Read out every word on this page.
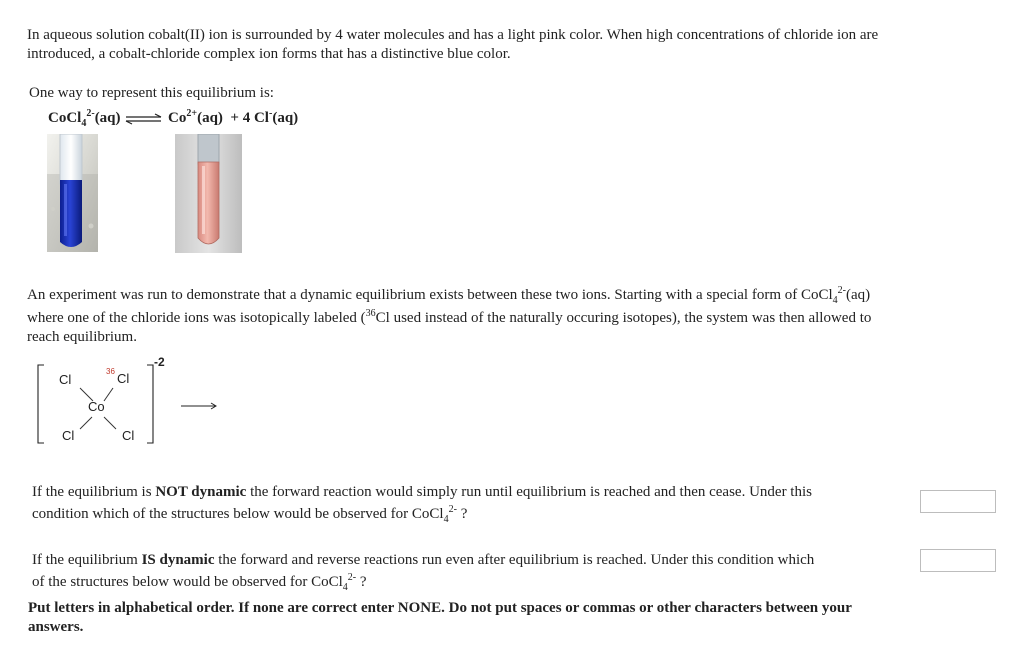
In aqueous solution cobalt(II) ion is surrounded by 4 water molecules and has a light pink color. When high concentrations of chloride ion are
introduced, a cobalt-chloride complex ion forms that has a distinctive blue color.
One way to represent this equilibrium is:
CoCl$_4^{2-}$(aq) ⇌ $Co^{2+}(aq) + 4$ Cl-(aq)
An experiment was run to demonstrate that a dynamic equilibrium exists between these two ions. Starting with a special form of CoCl$_4^{2-}$(aq)
where one of the chloride ions was isotopically labeled ($^{36}$Cl used instead of the naturally occuring isotopes), the system was then allowed to
reach equilibrium.
-2
Cl
36 Cl
Co
Cl	Cl
If the equilibrium is NOT dynamic the forward reaction would simply run until equilibrium is reached and then cease. Under this
condition which of the structures below would be observed for CoCl$_4^{2-}$ ?
If the equilibrium IS dynamic the forward and reverse reactions run even after equilibrium is reached. Under this condition which
of the structures below would be observed for CoCl$_4^{2-}$ ?
Put letters in alphabetical order. If none are correct enter NONE. Do not put spaces or commas or other characters between your
answers.
